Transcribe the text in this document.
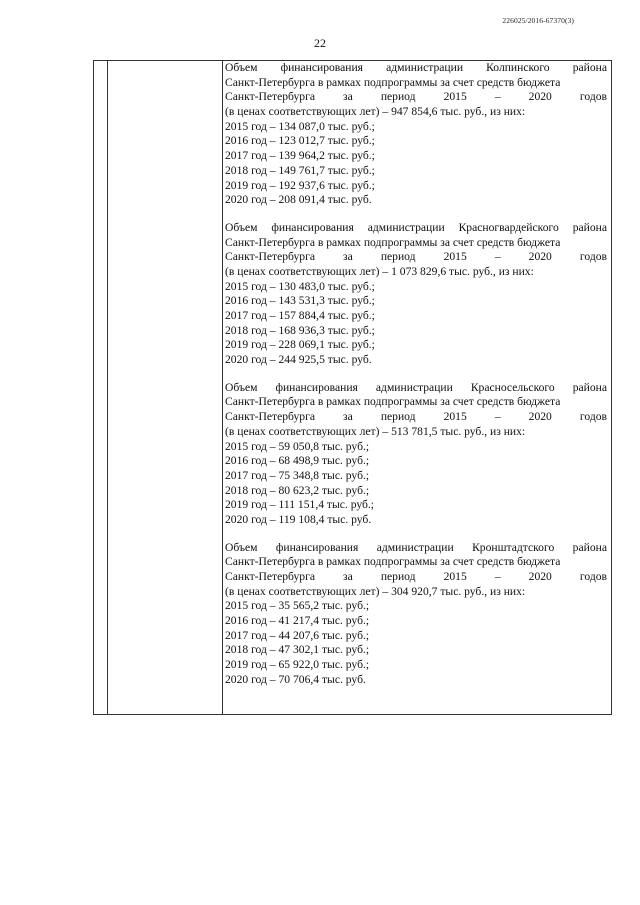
226025/2016-67370(3)
22
Объем финансирования администрации Колпинского района
Санкт-Петербурга в рамках подпрограммы за счет средств бюджета
Санкт-Петербурга за период 2015 – 2020 годов
(в ценах соответствующих лет) – 947 854,6 тыс. руб., из них:
2015 год – 134 087,0 тыс. руб.;
2016 год – 123 012,7 тыс. руб.;
2017 год – 139 964,2 тыс. руб.;
2018 год – 149 761,7 тыс. руб.;
2019 год – 192 937,6 тыс. руб.;
2020 год – 208 091,4 тыс. руб.
Объем финансирования администрации Красногвардейского района
Санкт-Петербурга в рамках подпрограммы за счет средств бюджета
Санкт-Петербурга за период 2015 – 2020 годов
(в ценах соответствующих лет) – 1 073 829,6 тыс. руб., из них:
2015 год – 130 483,0 тыс. руб.;
2016 год – 143 531,3 тыс. руб.;
2017 год – 157 884,4 тыс. руб.;
2018 год – 168 936,3 тыс. руб.;
2019 год – 228 069,1 тыс. руб.;
2020 год – 244 925,5 тыс. руб.
Объем финансирования администрации Красносельского района
Санкт-Петербурга в рамках подпрограммы за счет средств бюджета
Санкт-Петербурга за период 2015 – 2020 годов
(в ценах соответствующих лет) – 513 781,5 тыс. руб., из них:
2015 год – 59 050,8 тыс. руб.;
2016 год – 68 498,9 тыс. руб.;
2017 год – 75 348,8 тыс. руб.;
2018 год – 80 623,2 тыс. руб.;
2019 год – 111 151,4 тыс. руб.;
2020 год – 119 108,4 тыс. руб.
Объем финансирования администрации Кронштадтского района
Санкт-Петербурга в рамках подпрограммы за счет средств бюджета
Санкт-Петербурга за период 2015 – 2020 годов
(в ценах соответствующих лет) – 304 920,7 тыс. руб., из них:
2015 год – 35 565,2 тыс. руб.;
2016 год – 41 217,4 тыс. руб.;
2017 год – 44 207,6 тыс. руб.;
2018 год – 47 302,1 тыс. руб.;
2019 год – 65 922,0 тыс. руб.;
2020 год – 70 706,4 тыс. руб.
